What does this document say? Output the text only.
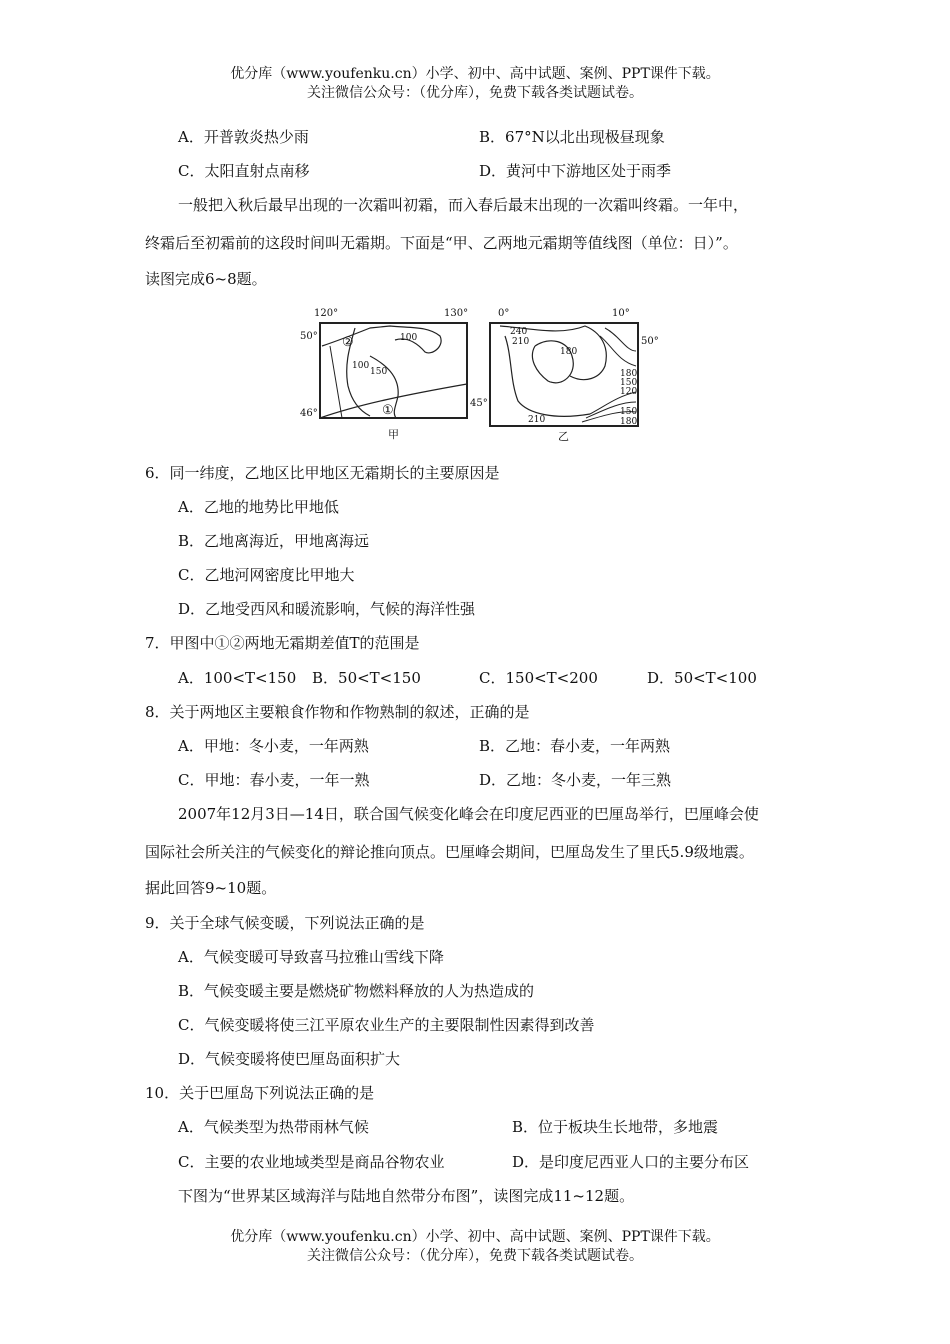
优分库（www.youfenku.cn）小学、初中、高中试题、案例、PPT课件下载。
关注微信公众号：（优分库），免费下载各类试题试卷。
A．开普敦炎热少雨	B．67°N以北出现极昼现象
C．太阳直射点南移	D．黄河中下游地区处于雨季
一般把入秋后最早出现的一次霜叫初霜，而入春后最末出现的一次霜叫终霜。一年中，
终霜后至初霜前的这段时间叫无霜期。下面是“甲、乙两地元霜期等值线图（单位：日）”。
读图完成6~8题。
120°	130°
50°
46°
②	100
100
150
①
甲
0°	10°
45°
50°
240
210
180
180
150
120
210
150
180
乙
6．同一纬度，乙地区比甲地区无霜期长的主要原因是
A．乙地的地势比甲地低
B．乙地离海近，甲地离海远
C．乙地河网密度比甲地大
D．乙地受西风和暖流影响，气候的海洋性强
7．甲图中①②两地无霜期差值T的范围是
A．100<T<150 B．50<T<150	C．150<T<200	D．50<T<100
8．关于两地区主要粮食作物和作物熟制的叙述，正确的是
A．甲地：冬小麦，一年两熟	B．乙地：春小麦，一年两熟
C．甲地：春小麦，一年一熟	D．乙地：冬小麦，一年三熟
2007年12月3日—14日，联合国气候变化峰会在印度尼西亚的巴厘岛举行，巴厘峰会使
国际社会所关注的气候变化的辩论推向顶点。巴厘峰会期间，巴厘岛发生了里氏5.9级地震。
据此回答9~10题。
9．关于全球气候变暖，下列说法正确的是
A．气候变暖可导致喜马拉雅山雪线下降
B．气候变暖主要是燃烧矿物燃料释放的人为热造成的
C．气候变暖将使三江平原农业生产的主要限制性因素得到改善
D．气候变暖将使巴厘岛面积扩大
10．关于巴厘岛下列说法正确的是
A．气候类型为热带雨林气候	B．位于板块生长地带，多地震
C．主要的农业地域类型是商品谷物农业	D．是印度尼西亚人口的主要分布区
下图为“世界某区域海洋与陆地自然带分布图”，读图完成11~12题。
优分库（www.youfenku.cn）小学、初中、高中试题、案例、PPT课件下载。
关注微信公众号：（优分库），免费下载各类试题试卷。
